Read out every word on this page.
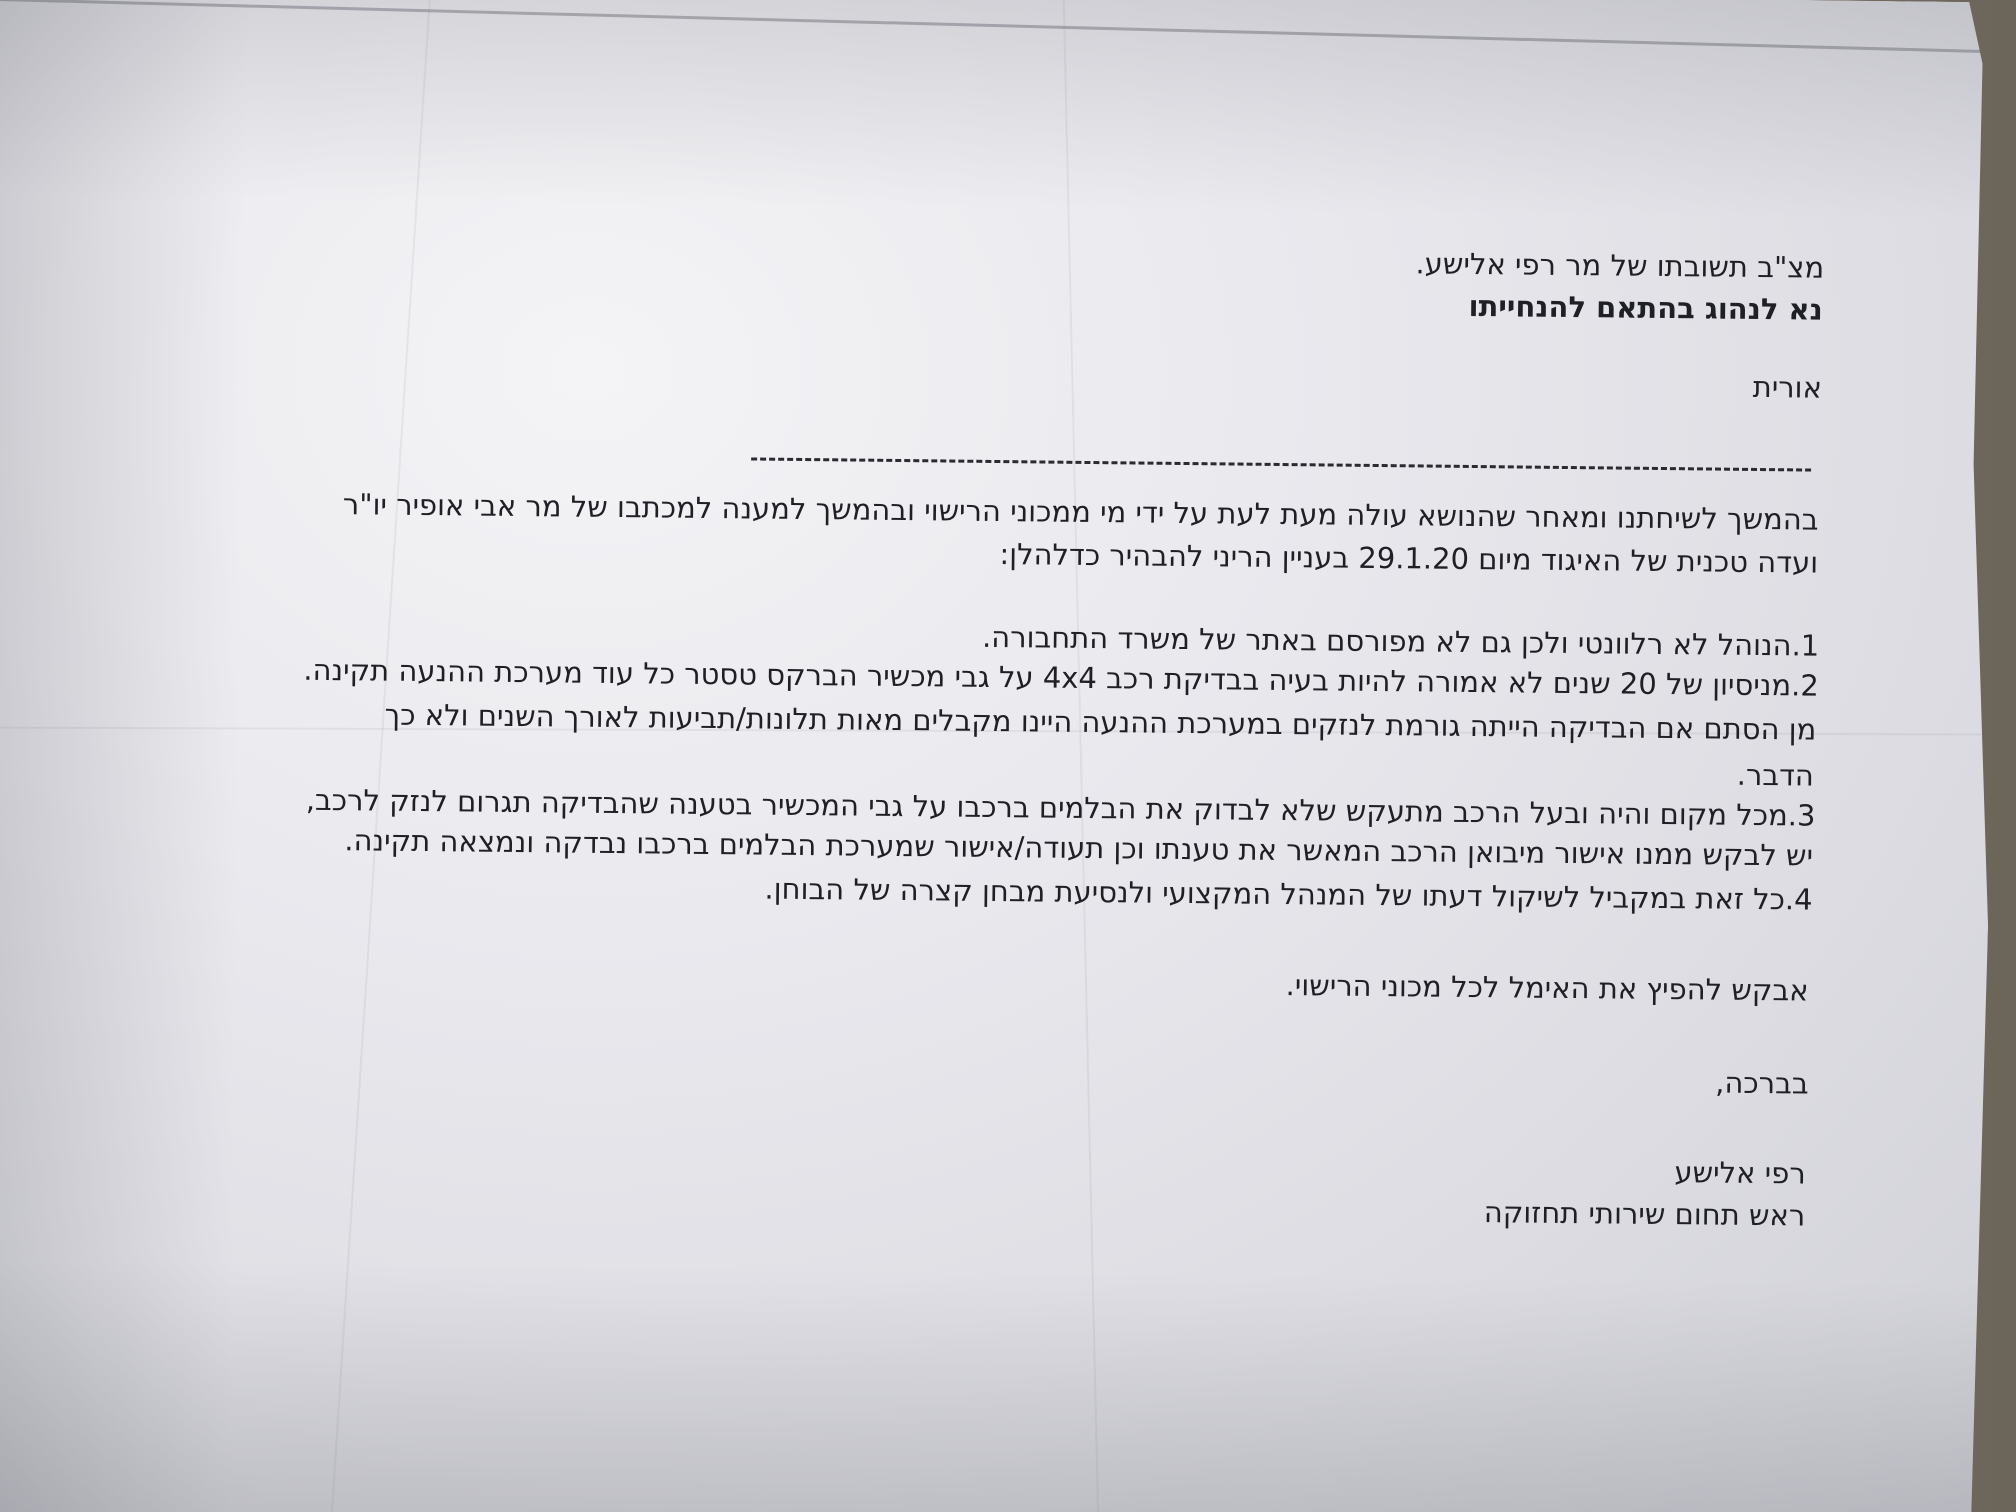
מצ"ב תשובתו של מר רפי אלישע.
נא לנהוג בהתאם להנחייתו
אורית
בהמשך לשיחתנו ומאחר שהנושא עולה מעת לעת על ידי מי ממכוני הרישוי ובהמשך למענה למכתבו של מר אבי אופיר יו"ר
ועדה טכנית של האיגוד מיום 29.1.20 בעניין הריני להבהיר כדלהלן:
1.הנוהל לא רלוונטי ולכן גם לא מפורסם באתר של משרד התחבורה.
2.מניסיון של 20 שנים לא אמורה להיות בעיה בבדיקת רכב 4x4 על גבי מכשיר הברקס טסטר כל עוד מערכת ההנעה תקינה.
מן הסתם אם הבדיקה הייתה גורמת לנזקים במערכת ההנעה היינו מקבלים מאות תלונות/תביעות לאורך השנים ולא כך
הדבר.
3.מכל מקום והיה ובעל הרכב מתעקש שלא לבדוק את הבלמים ברכבו על גבי המכשיר בטענה שהבדיקה תגרום לנזק לרכב,
יש לבקש ממנו אישור מיבואן הרכב המאשר את טענתו וכן תעודה/אישור שמערכת הבלמים ברכבו נבדקה ונמצאה תקינה.
4.כל זאת במקביל לשיקול דעתו של המנהל המקצועי ולנסיעת מבחן קצרה של הבוחן.
אבקש להפיץ את האימל לכל מכוני הרישוי.
בברכה,
רפי אלישע
ראש תחום שירותי תחזוקה
